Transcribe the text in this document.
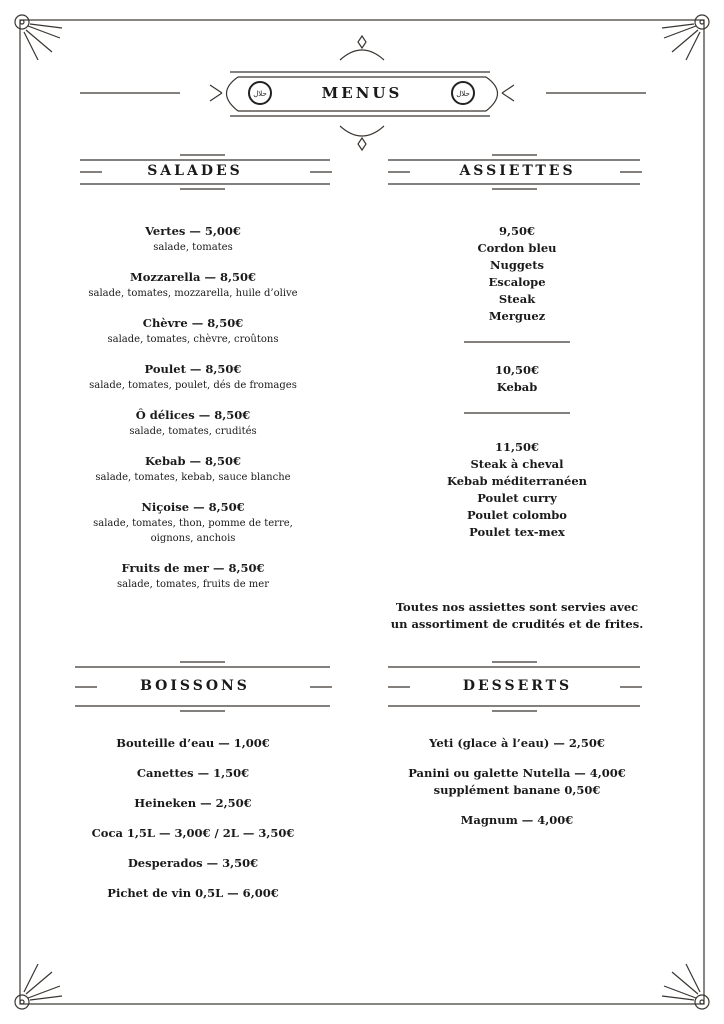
حلال	حلال
MENUS
SALADES	ASSIETTES
BOISSONS	DESSERTS
Vertes — 5,00€
salade, tomates
Mozzarella — 8,50€
salade, tomates, mozzarella, huile d’olive
Chèvre — 8,50€
salade, tomates, chèvre, croûtons
Poulet — 8,50€
salade, tomates, poulet, dés de fromages
Ô délices — 8,50€
salade, tomates, crudités
Kebab — 8,50€
salade, tomates, kebab, sauce blanche
Niçoise — 8,50€
salade, tomates, thon, pomme de terre, oignons, anchois
Fruits de mer — 8,50€
salade, tomates, fruits de mer
9,50€
Cordon bleu
Nuggets
Escalope
Steak
Merguez
10,50€
Kebab
11,50€
Steak à cheval
Kebab méditerranéen
Poulet curry
Poulet colombo
Poulet tex-mex
Toutes nos assiettes sont servies avec un assortiment de crudités et de frites.
Bouteille d’eau — 1,00€
Canettes — 1,50€
Heineken — 2,50€
Coca 1,5L — 3,00€ / 2L — 3,50€
Desperados — 3,50€
Pichet de vin 0,5L — 6,00€
Yeti (glace à l’eau) — 2,50€
Panini ou galette Nutella — 4,00€
supplément banane 0,50€
Magnum — 4,00€
